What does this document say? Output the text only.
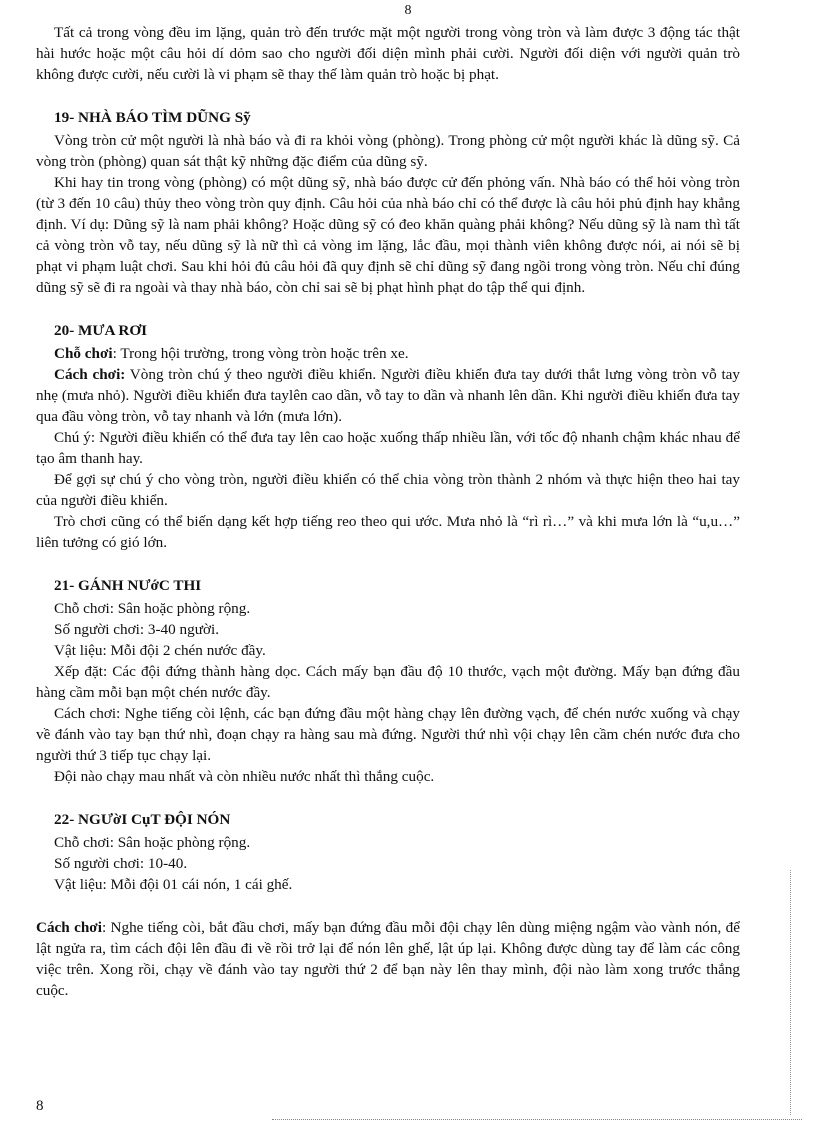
8

Tất cả trong vòng đều im lặng, quản trò đến trước mặt một người trong vòng tròn và làm được 3 động tác thật hài hước hoặc một câu hỏi dí dỏm sao cho người đối diện mình phải cười. Người đối diện với người quản trò không được cười, nếu cười là vi phạm sẽ thay thế làm quản trò hoặc bị phạt.

19- NHÀ BÁO TÌM DŨNG Sỹ

Vòng tròn cử một người là nhà báo và đi ra khỏi vòng (phòng). Trong phòng cử một người khác là dũng sỹ. Cả vòng tròn (phòng) quan sát thật kỹ những đặc điểm của dũng sỹ.

Khi hay tin trong vòng (phòng) có một dũng sỹ, nhà báo được cử đến phỏng vấn. Nhà báo có thể hỏi vòng tròn (từ 3 đến 10 câu) thủy theo vòng tròn quy định. Câu hỏi của nhà báo chỉ có thể được là câu hỏi phủ định hay khẳng định. Ví dụ: Dũng sỹ là nam phải không? Hoặc dũng sỹ có đeo khăn quàng phải không? Nếu dũng sỹ là nam thì tất cả vòng tròn vỗ tay, nếu dũng sỹ là nữ thì cả vòng im lặng, lắc đầu, mọi thành viên không được nói, ai nói sẽ bị phạt vi phạm luật chơi. Sau khi hỏi đủ câu hỏi đã quy định sẽ chỉ dũng sỹ đang ngồi trong vòng tròn. Nếu chỉ đúng dũng sỹ sẽ đi ra ngoài và thay nhà báo, còn chỉ sai sẽ bị phạt hình phạt do tập thể qui định.

20- MƯA RƠI

Chỗ chơi: Trong hội trường, trong vòng tròn hoặc trên xe.

Cách chơi: Vòng tròn chú ý theo người điều khiển. Người điều khiển đưa tay dưới thắt lưng vòng tròn vỗ tay nhẹ (mưa nhỏ). Người điều khiển đưa taylên cao dần, vỗ tay to dần và nhanh lên dần. Khi người điều khiển đưa tay qua đầu vòng tròn, vỗ tay nhanh và lớn (mưa lớn).

Chú ý: Người điều khiển có thể đưa tay lên cao hoặc xuống thấp nhiều lần, với tốc độ nhanh chậm khác nhau để tạo âm thanh hay.

Để gợi sự chú ý cho vòng tròn, người điều khiển có thể chia vòng tròn thành 2 nhóm và thực hiện theo hai tay của người điều khiển.

Trò chơi cũng có thể biến dạng kết hợp tiếng reo theo qui ước. Mưa nhỏ là “rì rì…” và khi mưa lớn là “u,u…” liên tưởng có gió lớn.

21- GÁNH NƯớC THI

Chỗ chơi: Sân hoặc phòng rộng.

Số người chơi: 3-40 người.

Vật liệu: Mỗi đội 2 chén nước đầy.

Xếp đặt: Các đội đứng thành hàng dọc. Cách mấy bạn đầu độ 10 thước, vạch một đường. Mấy bạn đứng đầu hàng cầm mỗi bạn một chén nước đầy.

Cách chơi: Nghe tiếng còi lệnh, các bạn đứng đầu một hàng chạy lên đường vạch, để chén nước xuống và chạy về đánh vào tay bạn thứ nhì, đoạn chạy ra hàng sau mà đứng. Người thứ nhì vội chạy lên cầm chén nước đưa cho người thứ 3 tiếp tục chạy lại.

Đội nào chạy mau nhất và còn nhiều nước nhất thì thắng cuộc.

22- NGƯờI CụT ĐỘI NÓN

Chỗ chơi: Sân hoặc phòng rộng.

Số người chơi: 10-40.

Vật liệu: Mỗi đội 01 cái nón, 1 cái ghế.

Cách chơi: Nghe tiếng còi, bắt đầu chơi, mấy bạn đứng đầu mỗi đội chạy lên dùng miệng ngậm vào vành nón, để lật ngửa ra, tìm cách đội lên đầu đi về rồi trở lại để nón lên ghế, lật úp lại. Không được dùng tay để làm các công việc trên. Xong rồi, chạy về đánh vào tay người thứ 2 để bạn này lên thay mình, đội nào làm xong trước thắng cuộc.

8
